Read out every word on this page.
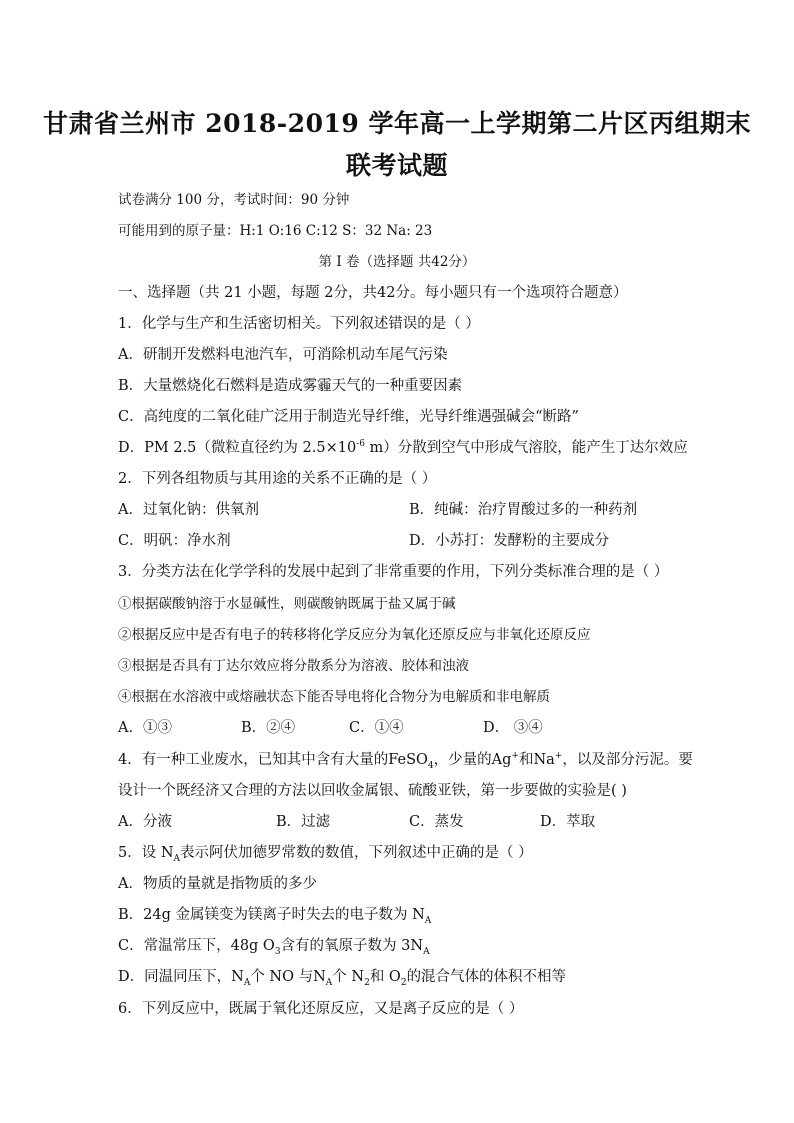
甘肃省兰州市 2018-2019 学年高一上学期第二片区丙组期末
联考试题
试卷满分 100 分，考试时间：90 分钟
可能用到的原子量：H:1 O:16 C:12 S：32 Na: 23
第 I 卷（选择题 共42分）
一、选择题（共 21 小题，每题 2分，共42分。每小题只有一个选项符合题意）
1．化学与生产和生活密切相关。下列叙述错误的是（ ）
A．研制开发燃料电池汽车，可消除机动车尾气污染
B．大量燃烧化石燃料是造成雾霾天气的一种重要因素
C．高纯度的二氧化硅广泛用于制造光导纤维，光导纤维遇强碱会“断路”
D．PM 2.5（微粒直径约为 $2.5\times 10^{-6}$ m）分散到空气中形成气溶胶，能产生丁达尔效应
2．下列各组物质与其用途的关系不正确的是（ ）
A．过氧化钠：供氧剂	B．纯碱：治疗胃酸过多的一种药剂
C．明矾：净水剂	D．小苏打：发酵粉的主要成分
3．分类方法在化学学科的发展中起到了非常重要的作用，下列分类标准合理的是（ ）
①根据碳酸钠溶于水显碱性，则碳酸钠既属于盐又属于碱
②根据反应中是否有电子的转移将化学反应分为氧化还原反应与非氧化还原反应
③根据是否具有丁达尔效应将分散系分为溶液、胶体和浊液
④根据在水溶液中或熔融状态下能否导电将化合物分为电解质和非电解质
A．①③	B．②④	C．①④	D． ③④
4．有一种工业废水，已知其中含有大量的FeSO$_4$，少量的Ag+和Na+，以及部分污泥。要
设计一个既经济又合理的方法以回收金属银、硫酸亚铁，第一步要做的实验是( )
A．分液	B．过滤	C．蒸发	D．萃取
5．设 $N_A$表示阿伏加德罗常数的数值，下列叙述中正确的是（ ）
A．物质的量就是指物质的多少
B．24g 金属镁变为镁离子时失去的电子数为 $N_A$
C．常温常压下，48g $O_3$含有的氧原子数为 $3N_A$
D．同温同压下，$N_A$个 NO 与$N_A$个 $N_2$和 $O_2$的混合气体的体积不相等
6．下列反应中，既属于氧化还原反应，又是离子反应的是（ ）
